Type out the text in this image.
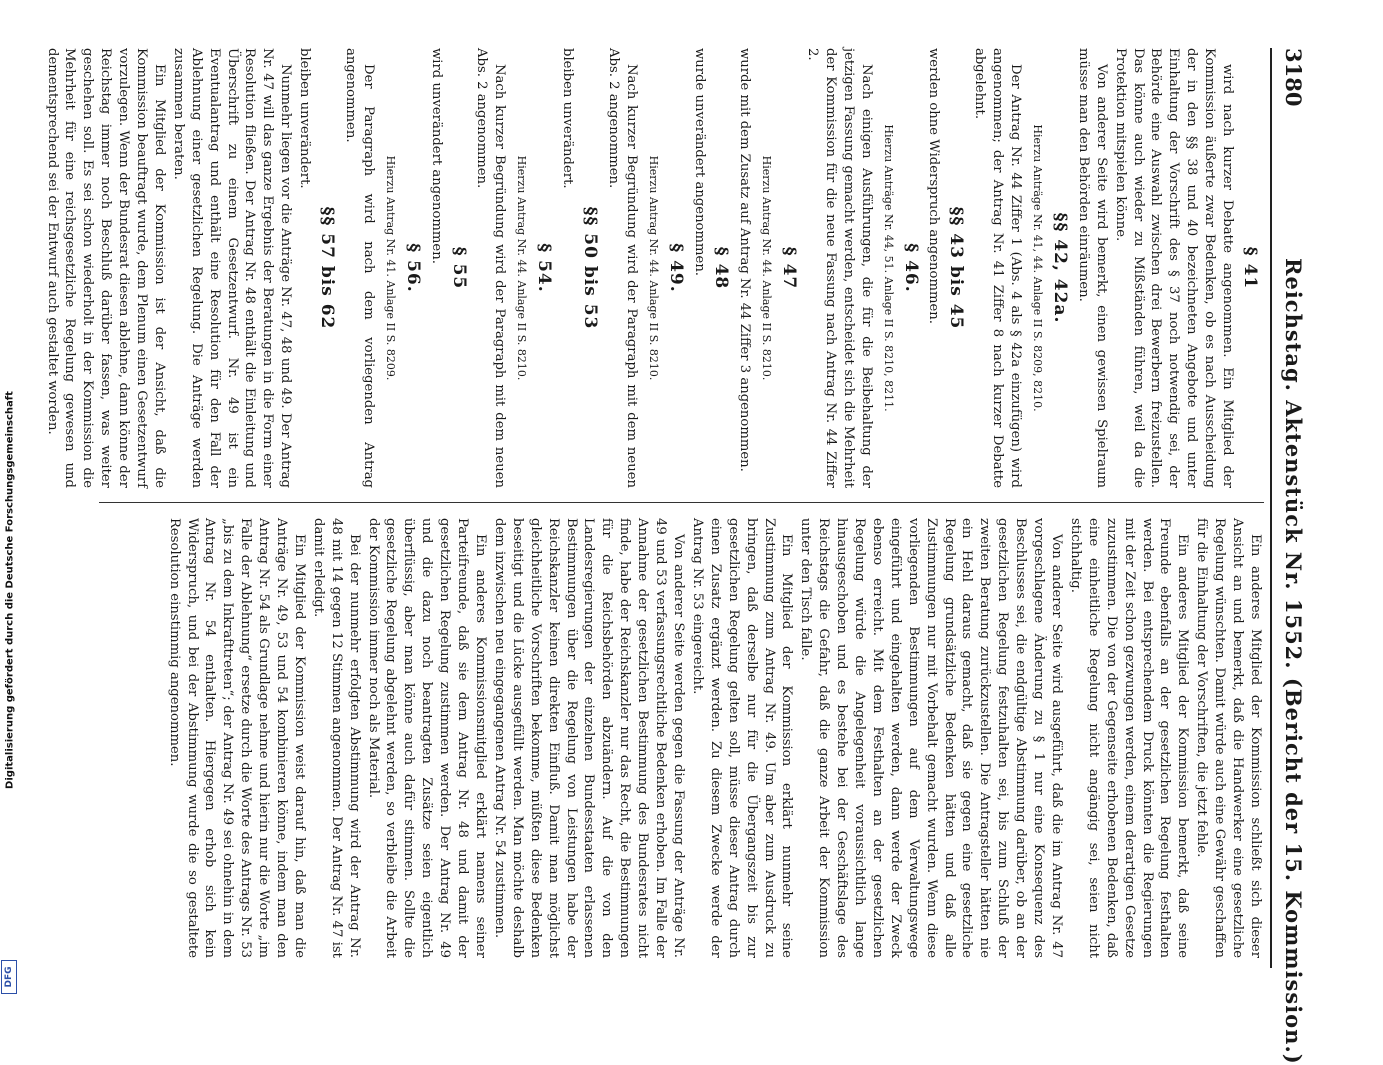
3180
Reichstag. Aktenstück Nr. 1552. (Bericht der 15. Kommission.)

§ 41

wird nach kurzer Debatte angenommen. Ein Mitglied der Kommission äußerte zwar Bedenken, ob es nach Ausscheidung der in den §§ 38 und 40 bezeichneten Angebote und unter Einhaltung der Vorschrift des § 37 noch notwendig sei, der Behörde eine Auswahl zwischen drei Bewerbern freizustellen. Das könne auch wieder zu Mißständen führen, weil da die Protektion mitspielen könne.

Von anderer Seite wird bemerkt, einen gewissen Spielraum müsse man den Behörden einräumen.

§§ 42, 42a.

Hierzu Anträge Nr. 41, 44. Anlage II S. 8209, 8210.

Der Antrag Nr. 44 Ziffer 1 (Abs. 4 als § 42a einzufügen) wird angenommen; der Antrag Nr. 41 Ziffer 8 nach kurzer Debatte abgelehnt.

§§ 43 bis 45

werden ohne Widerspruch angenommen.

§ 46.

Hierzu Anträge Nr. 44, 51. Anlage II S. 8210, 8211.

Nach einigen Ausführungen, die für die Beibehaltung der jetzigen Fassung gemacht werden, entscheidet sich die Mehrheit der Kommission für die neue Fassung nach Antrag Nr. 44 Ziffer 2.

§ 47

Hierzu Antrag Nr. 44. Anlage II S. 8210.

wurde mit dem Zusatz auf Antrag Nr. 44 Ziffer 3 angenommen.

§ 48

wurde unverändert angenommen.

§ 49.

Hierzu Antrag Nr. 44. Anlage II S. 8210.

Nach kurzer Begründung wird der Paragraph mit dem neuen Abs. 2 angenommen.

§§ 50 bis 53

bleiben unverändert.

§ 54.

Hierzu Antrag Nr. 44. Anlage II S. 8210.

Nach kurzer Begründung wird der Paragraph mit dem neuen Abs. 2 angenommen.

§ 55

wird unverändert angenommen.

§ 56.

Hierzu Antrag Nr. 41. Anlage II S. 8209.

Der Paragraph wird nach dem vorliegenden Antrag angenommen.

§§ 57 bis 62

bleiben unverändert.

Nunmehr liegen vor die Anträge Nr. 47, 48 und 49. Der Antrag Nr. 47 will das ganze Ergebnis der Beratungen in die Form einer Resolution fließen. Der Antrag Nr. 48 enthält die Einleitung und Überschrift zu einem Gesetzentwurf. Nr. 49 ist ein Eventualantrag und enthält eine Resolution für den Fall der Ablehnung einer gesetzlichen Regelung. Die Anträge werden zusammen beraten.

Ein Mitglied der Kommission ist der Ansicht, daß die Kommission beauftragt wurde, dem Plenum einen Gesetzentwurf vorzulegen. Wenn der Bundesrat diesen ablehne, dann könne der Reichstag immer noch Beschluß darüber fassen, was weiter geschehen soll. Es sei schon wiederholt in der Kommission die Mehrheit für eine reichsgesetzliche Regelung gewesen und dementsprechend sei der Entwurf auch gestaltet worden.

Ein anderes Mitglied der Kommission schließt sich dieser Ansicht an und bemerkt, daß die Handwerker eine gesetzliche Regelung wünschten. Damit würde auch eine Gewähr geschaffen für die Einhaltung der Vorschriften, die jetzt fehle.

Ein anderes Mitglied der Kommission bemerkt, daß seine Freunde ebenfalls an der gesetzlichen Regelung festhalten werden. Bei entsprechendem Druck könnten die Regierungen mit der Zeit schon gezwungen werden, einem derartigen Gesetze zuzustimmen. Die von der Gegenseite erhobenen Bedenken, daß eine einheitliche Regelung nicht angängig sei, seien nicht stichhaltig.

Von anderer Seite wird ausgeführt, daß die im Antrag Nr. 47 vorgeschlagene Änderung zu § 1 nur eine Konsequenz des Beschlusses sei, die endgültige Abstimmung darüber, ob an der gesetzlichen Regelung festzuhalten sei, bis zum Schluß der zweiten Beratung zurückzustellen. Die Antragsteller hätten nie ein Hehl daraus gemacht, daß sie gegen eine gesetzliche Regelung grundsätzliche Bedenken hätten und daß alle Zustimmungen nur mit Vorbehalt gemacht wurden. Wenn diese vorliegenden Bestimmungen auf dem Verwaltungswege eingeführt und eingehalten werden, dann werde der Zweck ebenso erreicht. Mit dem Festhalten an der gesetzlichen Regelung würde die Angelegenheit voraussichtlich lange hinausgeschoben und es bestehe bei der Geschäftslage des Reichstags die Gefahr, daß die ganze Arbeit der Kommission unter den Tisch falle.

Ein Mitglied der Kommission erklärt nunmehr seine Zustimmung zum Antrag Nr. 49. Um aber zum Ausdruck zu bringen, daß derselbe nur für die Übergangszeit bis zur gesetzlichen Regelung gelten soll, müsse dieser Antrag durch einen Zusatz ergänzt werden. Zu diesem Zwecke werde der Antrag Nr. 53 eingereicht.

Von anderer Seite werden gegen die Fassung der Anträge Nr. 49 und 53 verfassungsrechtliche Bedenken erhoben. Im Falle der Annahme der gesetzlichen Bestimmung des Bundesrates nicht finde, habe der Reichskanzler nur das Recht, die Bestimmungen für die Reichsbehörden abzuändern. Auf die von den Landesregierungen der einzelnen Bundesstaaten erlassenen Bestimmungen über die Regelung von Leistungen habe der Reichskanzler keinen direkten Einfluß. Damit man möglichst gleichheitliche Vorschriften bekomme, müßten diese Bedenken beseitigt und die Lücke ausgefüllt werden. Man möchte deshalb dem inzwischen neu eingegangenen Antrag Nr. 54 zustimmen.

Ein anderes Kommissionsmitglied erklärt namens seiner Parteifreunde, daß sie dem Antrag Nr. 48 und damit der gesetzlichen Regelung zustimmen werden. Der Antrag Nr. 49 und die dazu noch beantragten Zusätze seien eigentlich überflüssig, aber man könne auch dafür stimmen. Sollte die gesetzliche Regelung abgelehnt werden, so verbleibe die Arbeit der Kommission immer noch als Material.

Bei der nunmehr erfolgten Abstimmung wird der Antrag Nr. 48 mit 14 gegen 12 Stimmen angenommen. Der Antrag Nr. 47 ist damit erledigt.

Ein Mitglied der Kommission weist darauf hin, daß man die Anträge Nr. 49, 53 und 54 kombinieren könne, indem man den Antrag Nr. 54 als Grundlage nehme und hierin nur die Worte „im Falle der Ablehnung“ ersetze durch die Worte des Antrags Nr. 53 „bis zu dem Inkrafttreten“; der Antrag Nr. 49 sei ohnehin in dem Antrag Nr. 54 enthalten. Hiergegen erhob sich kein Widerspruch, und bei der Abstimmung wurde die so gestaltete Resolution einstimmig angenommen.

Digitalisierung gefördert durch die Deutsche Forschungsgemeinschaft
DFG
